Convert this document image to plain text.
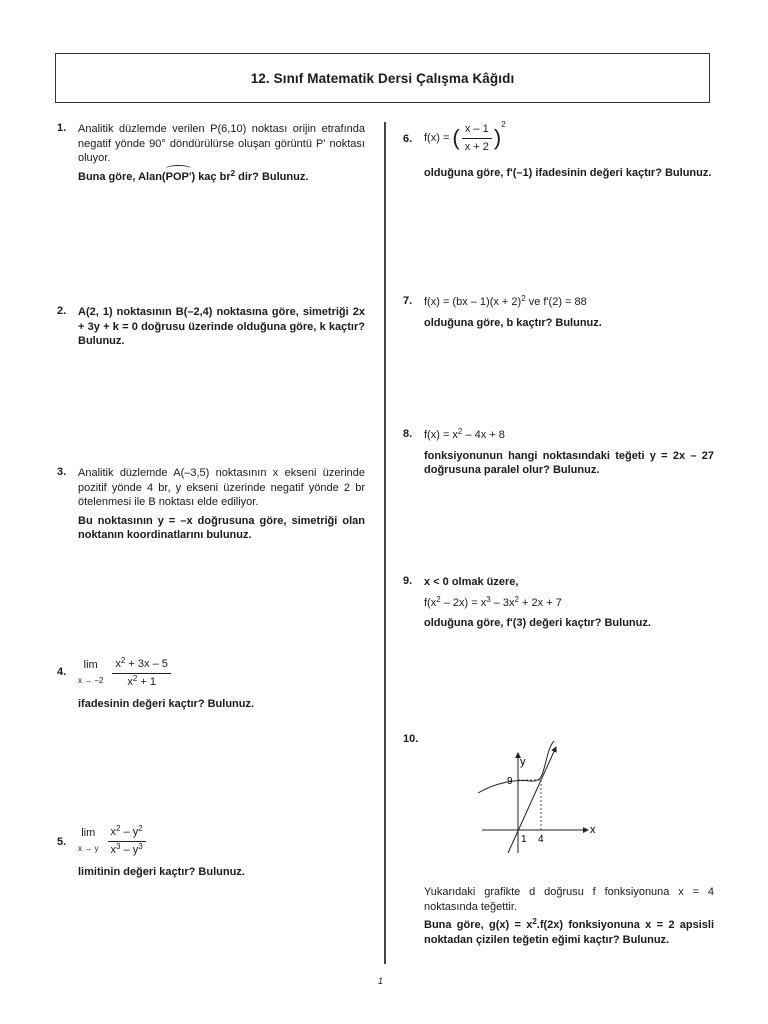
12. Sınıf Matematik Dersi Çalışma Kâğıdı
1. Analitik düzlemde verilen P(6,10) noktası orijin etrafında negatif yönde 90° döndürülürse oluşan görüntü P' noktası oluyor.
Buna göre, Alan(
POP') kaç $br^2$ dir? Bulunuz.
2. A(2, 1) noktasının B(–2,4) noktasına göre, simetriği 2x + 3y + k = 0 doğrusu üzerinde olduğuna göre, k kaçtır? Bulunuz.
3. Analitik düzlemde A(–3,5) noktasının x ekseni üzerinde pozitif yönde 4 br, y ekseni üzerinde negatif yönde 2 br ötelenmesi ile B noktası elde ediliyor.
Bu noktasının y = –x doğrusuna göre, simetriği olan noktanın koordinatlarını bulunuz.
4.
lim
x → –2
$\frac{x^2 + 3x - 5}{x^2 + 1}$
ifadesinin değeri kaçtır? Bulunuz.
5.
lim
x → y
$\frac{x^2 - y^2}{x^3 - y^3}$
limitinin değeri kaçtır? Bulunuz.
6. f(x) = ( $\frac{x - 1}{x + 2} )^2$
olduğuna göre, f'(–1) ifadesinin değeri kaçtır? Bulunuz.
7. $f(x) = (bx - 1)(x + 2)^2$ ve f'(2) = 88
olduğuna göre, b kaçtır? Bulunuz.
8. $f(x) = x^2 - 4x + 8$
fonksiyonunun hangi noktasındaki teğeti y = 2x – 27 doğrusuna paralel olur? Bulunuz.
9. x < 0 olmak üzere,
$f(x^2 - 2x) = x^3 - 3x^2 + 2x + 7$
olduğuna göre, f'(3) değeri kaçtır? Bulunuz.
10.
y
x
9
1 4
Yukarıdaki grafikte d doğrusu f fonksiyonuna x = 4 noktasında teğettir.
Buna göre, $g(x) = x^2.f(2x)$ fonksiyonuna x = 2 apsisli noktadan çizilen teğetin eğimi kaçtır? Bulunuz.
1
